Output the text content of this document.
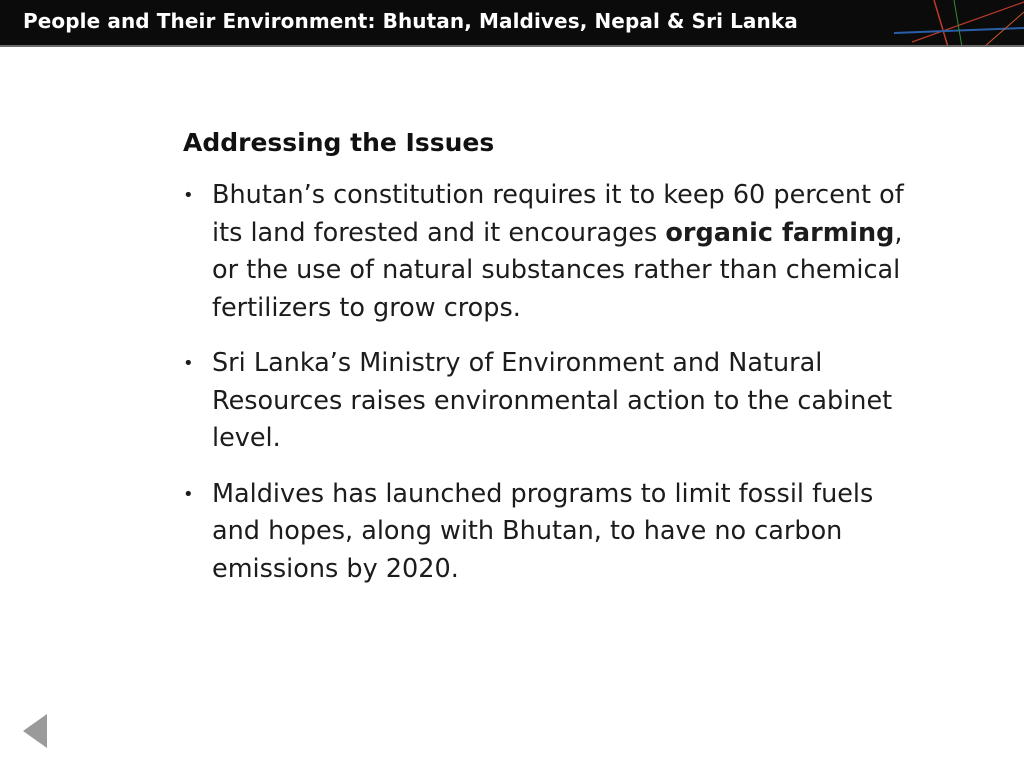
People and Their Environment: Bhutan, Maldives, Nepal & Sri Lanka
Addressing the Issues
• Bhutan’s constitution requires it to keep 60 percent of its land forested and it encourages organic farming, or the use of natural substances rather than chemical fertilizers to grow crops.
• Sri Lanka’s Ministry of Environment and Natural Resources raises environmental action to the cabinet level.
• Maldives has launched programs to limit fossil fuels and hopes, along with Bhutan, to have no carbon emissions by 2020.
